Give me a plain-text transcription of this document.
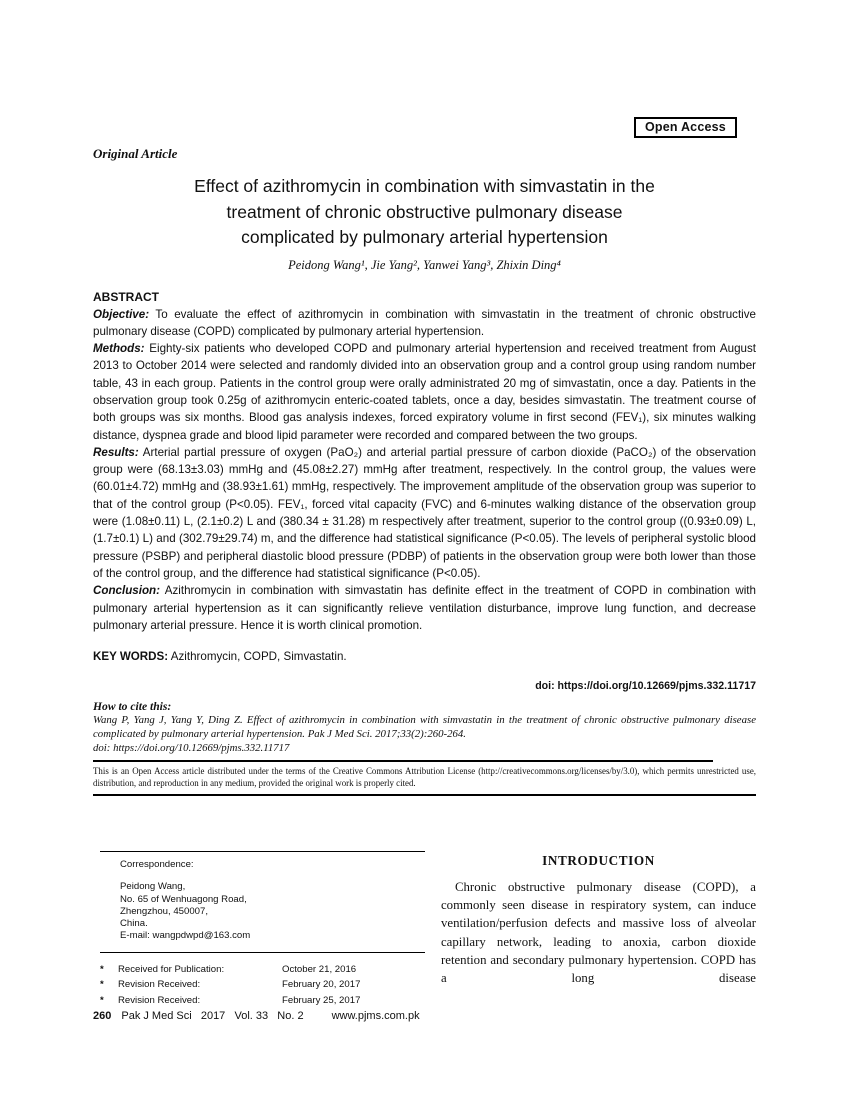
Open Access
Original Article
Effect of azithromycin in combination with simvastatin in the
treatment of chronic obstructive pulmonary disease
complicated by pulmonary arterial hypertension
Peidong Wang¹, Jie Yang², Yanwei Yang³, Zhixin Ding⁴
ABSTRACT

Objective: To evaluate the effect of azithromycin in combination with simvastatin in the treatment of chronic obstructive pulmonary disease (COPD) complicated by pulmonary arterial hypertension.

Methods: Eighty-six patients who developed COPD and pulmonary arterial hypertension and received treatment from August 2013 to October 2014 were selected and randomly divided into an observation group and a control group using random number table, 43 in each group. Patients in the control group were orally administrated 20 mg of simvastatin, once a day. Patients in the observation group took 0.25g of azithromycin enteric-coated tablets, once a day, besides simvastatin. The treatment course of both groups was six months. Blood gas analysis indexes, forced expiratory volume in first second (FEV₁), six minutes walking distance, dyspnea grade and blood lipid parameter were recorded and compared between the two groups.

Results: Arterial partial pressure of oxygen (PaO₂) and arterial partial pressure of carbon dioxide (PaCO₂) of the observation group were (68.13±3.03) mmHg and (45.08±2.27) mmHg after treatment, respectively. In the control group, the values were (60.01±4.72) mmHg and (38.93±1.61) mmHg, respectively. The improvement amplitude of the observation group was superior to that of the control group (P<0.05). FEV₁, forced vital capacity (FVC) and 6-minutes walking distance of the observation group were (1.08±0.11) L, (2.1±0.2) L and (380.34 ± 31.28) m respectively after treatment, superior to the control group ((0.93±0.09) L, (1.7±0.1) L) and (302.79±29.74) m, and the difference had statistical significance (P<0.05). The levels of peripheral systolic blood pressure (PSBP) and peripheral diastolic blood pressure (PDBP) of patients in the observation group were both lower than those of the control group, and the difference had statistical significance (P<0.05).

Conclusion: Azithromycin in combination with simvastatin has definite effect in the treatment of COPD in combination with pulmonary arterial hypertension as it can significantly relieve ventilation disturbance, improve lung function, and decrease pulmonary arterial pressure. Hence it is worth clinical promotion.

KEY WORDS: Azithromycin, COPD, Simvastatin.

doi: https://doi.org/10.12669/pjms.332.11717
How to cite this:

Wang P, Yang J, Yang Y, Ding Z. Effect of azithromycin in combination with simvastatin in the treatment of chronic obstructive pulmonary disease complicated by pulmonary arterial hypertension. Pak J Med Sci. 2017;33(2):260-264.

doi: https://doi.org/10.12669/pjms.332.11717

This is an Open Access article distributed under the terms of the Creative Commons Attribution License (http://creativecommons.org/licenses/by/3.0), which permits unrestricted use, distribution, and reproduction in any medium, provided the original work is properly cited.

Correspondence:
Peidong Wang,
No. 65 of Wenhuagong Road,
Zhengzhou, 450007,
China.
E-mail: wangpdwpd@163.com
*	Received for Publication:	October 21, 2016
*	Revision Received:	February 20, 2017
*	Revision Received:	February 25, 2017
INTRODUCTION

Chronic obstructive pulmonary disease (COPD), a commonly seen disease in respiratory system, can induce ventilation/perfusion defects and massive loss of alveolar capillary network, leading to anoxia, carbon dioxide retention and secondary pulmonary hypertension. COPD has a long disease

260 Pak J Med Sci   2017   Vol. 33   No. 2	www.pjms.com.pk
